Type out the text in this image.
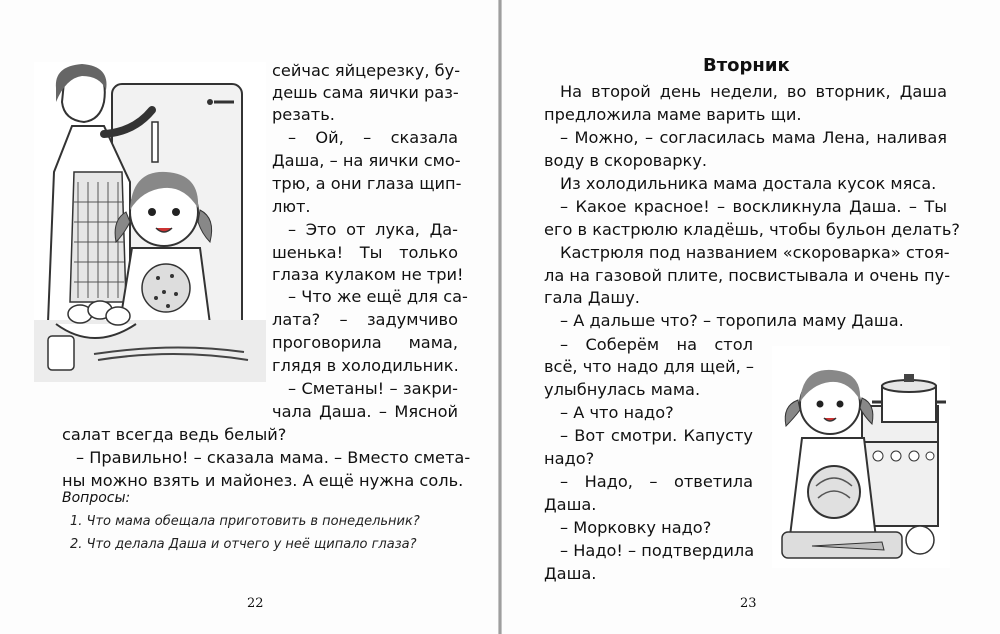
сейчас яйцерезку, бу-
дешь сама яички раз-
резать.
– Ой, – сказала
Даша, – на яички смо-
трю, а они глаза щип-
лют.
– Это от лука, Да-
шенька! Ты только
глаза кулаком не три!
– Что же ещё для са-
лата? – задумчиво
проговорила мама,
глядя в холодильник.
– Сметаны! – закри-
чала Даша. – Мясной
салат всегда ведь белый?
– Правильно! – сказала мама. – Вместо смета-
ны можно взять и майонез. А ещё нужна соль.
Вопросы:
1. Что мама обещала приготовить в понедельник?
2. Что делала Даша и отчего у неё щипало глаза?
22
Вторник
На второй день недели, во вторник, Даша
предложила маме варить щи.
– Можно, – согласилась мама Лена, наливая
воду в скороварку.
Из холодильника мама достала кусок мяса.
– Какое красное! – воскликнула Даша. – Ты
его в кастрюлю кладёшь, чтобы бульон делать?
Кастрюля под названием «скороварка» стоя-
ла на газовой плите, посвистывала и очень пу-
гала Дашу.
– А дальше что? – торопила маму Даша.
– Соберём на стол
всё, что надо для щей, –
улыбнулась мама.
– А что надо?
– Вот смотри. Капусту
надо?
– Надо, – ответила
Даша.
– Морковку надо?
– Надо! – подтвердила
Даша.
23
